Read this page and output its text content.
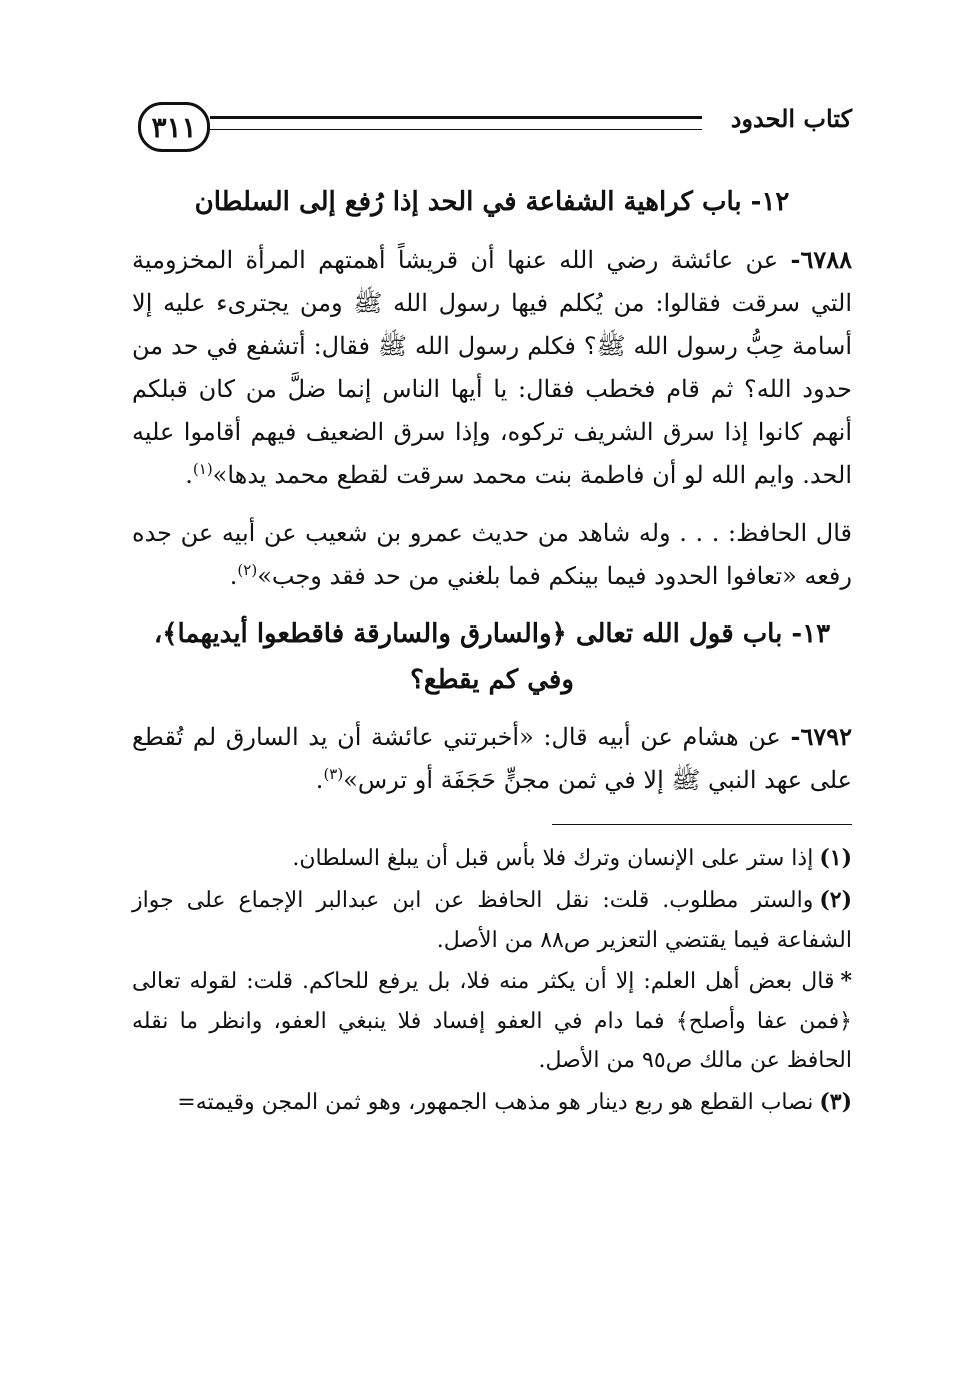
٣١١	كتاب الحدود
١٢- باب كراهية الشفاعة في الحد إذا رُفع إلى السلطان

٦٧٨٨- عن عائشة رضي الله عنها أن قريشاً أهمتهم المرأة المخزومية التي سرقت فقالوا: من يُكلم فيها رسول الله ﷺ ومن يجترىء عليه إلا أسامة حِبُّ رسول الله ﷺ؟ فكلم رسول الله ﷺ فقال: أتشفع في حد من حدود الله؟ ثم قام فخطب فقال: يا أيها الناس إنما ضلَّ من كان قبلكم أنهم كانوا إذا سرق الشريف تركوه، وإذا سرق الضعيف فيهم أقاموا عليه الحد. وايم الله لو أن فاطمة بنت محمد سرقت لقطع محمد يدها»$^{(١)}$.

قال الحافظ: . . . وله شاهد من حديث عمرو بن شعيب عن أبيه عن جده رفعه «تعافوا الحدود فيما بينكم فما بلغني من حد فقد وجب»$^{(٢)}$.

١٣- باب قول الله تعالى ﴿والسارق والسارقة فاقطعوا أيديهما﴾، وفي كم يقطع؟

٦٧٩٢- عن هشام عن أبيه قال: «أخبرتني عائشة أن يد السارق لم تُقطع على عهد النبي ﷺ إلا في ثمن مجنٍّ حَجَفَة أو ترس»$^{(٣)}$.

(١)إذا ستر على الإنسان وترك فلا بأس قبل أن يبلغ السلطان.

(٢)والستر مطلوب. قلت: نقل الحافظ عن ابن عبدالبر الإجماع على جواز الشفاعة فيما يقتضي التعزير ص٨٨ من الأصل.

*قال بعض أهل العلم: إلا أن يكثر منه فلا، بل يرفع للحاكم. قلت: لقوله تعالى ﴿فمن عفا وأصلح﴾ فما دام في العفو إفساد فلا ينبغي العفو، وانظر ما نقله الحافظ عن مالك ص٩٥ من الأصل.

(٣)نصاب القطع هو ربع دينار هو مذهب الجمهور، وهو ثمن المجن وقيمته=
